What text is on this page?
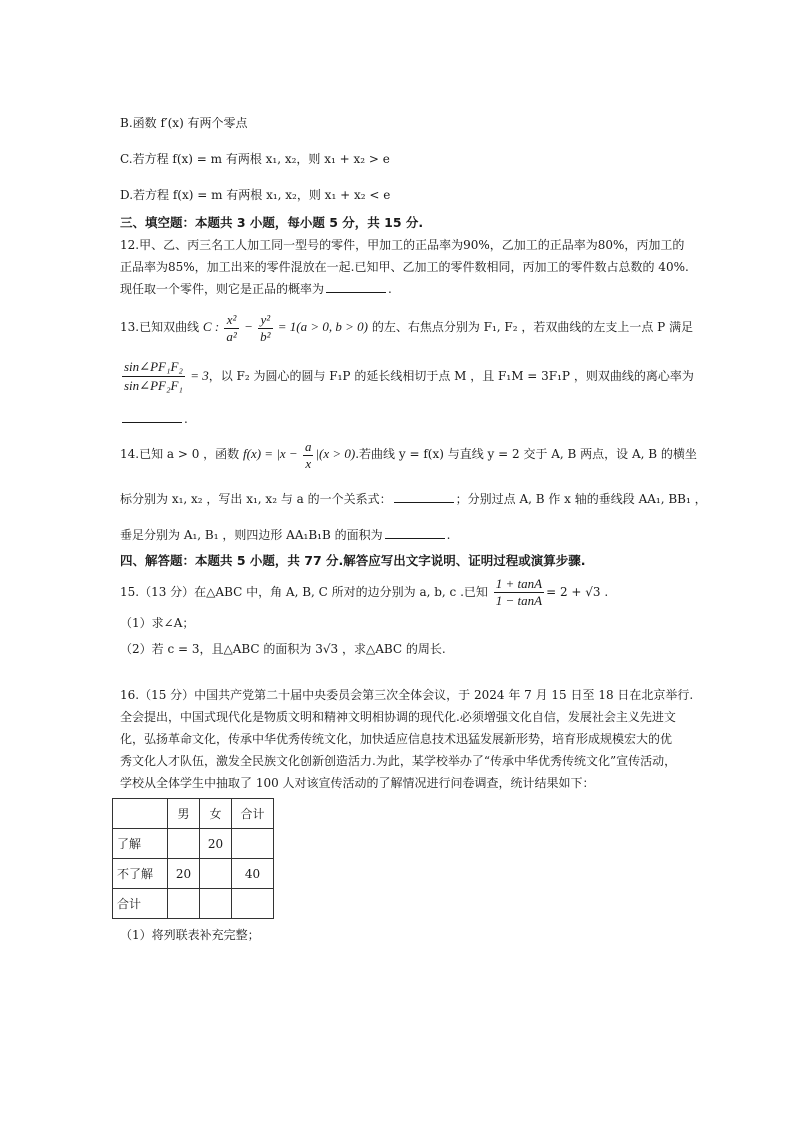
B.函数 f′(x) 有两个零点
C.若方程 f(x) = m 有两根 x₁, x₂，则 x₁ + x₂ > e
D.若方程 f(x) = m 有两根 x₁, x₂，则 x₁ + x₂ < e
三、填空题：本题共 3 小题，每小题 5 分，共 15 分.
12.甲、乙、丙三名工人加工同一型号的零件，甲加工的正品率为90%，乙加工的正品率为80%，丙加工的
正品率为85%，加工出来的零件混放在一起.已知甲、乙加工的零件数相同，丙加工的零件数占总数的 40%.
现任取一个零件，则它是正品的概率为	.
13.已知双曲线 C : $\frac{\text{x²}}{\text{a²}} - \frac{\text{y²}}{\text{b²}} = 1(a > 0$, b > 0) 的左、右焦点分别为 F₁, F₂ ，若双曲线的左支上一点 P 满足
$\frac{\text{sin∠PF₁F₂}}{\text{sin∠PF₂F₁}} = 3$，以 F₂ 为圆心的圆与 F₁P 的延长线相切于点 M ，且 F₁M = 3F₁P ，则双曲线的离心率为
.
14.已知 a > 0 ，函数 $f(x) = |x - \frac{a}{x} |(x > 0)$.若曲线 y = f(x) 与直线 y = 2 交于 A, B 两点，设 A, B 的横坐
标分别为 x₁, x₂ ，写出 x₁, x₂ 与 a 的一个关系式：	；分别过点 A, B 作 x 轴的垂线段 AA₁, BB₁ ，
垂足分别为 A₁, B₁ ，则四边形 AA₁B₁B 的面积为	.
四、解答题：本题共 5 小题，共 77 分.解答应写出文字说明、证明过程或演算步骤.
15.（13 分）在△ABC 中，角 A, B, C 所对的边分别为 a, b, c .已知 $\frac{1 + \tan A}{1 - \tan A} = 2 + √3$ .
（1）求∠A；
（2）若 c = 3，且△ABC 的面积为 3√3 ，求△ABC 的周长.
16.（15 分）中国共产党第二十届中央委员会第三次全体会议，于 2024 年 7 月 15 日至 18 日在北京举行.
全会提出，中国式现代化是物质文明和精神文明相协调的现代化.必须增强文化自信，发展社会主义先进文
化，弘扬革命文化，传承中华优秀传统文化，加快适应信息技术迅猛发展新形势，培育形成规模宏大的优
秀文化人才队伍，激发全民族文化创新创造活力.为此，某学校举办了“传承中华优秀传统文化”宣传活动，
学校从全体学生中抽取了 100 人对该宣传活动的了解情况进行问卷调查，统计结果如下：
	男	女	合计
了解		20	
不了解	20		40
合计			
（1）将列联表补充完整；
